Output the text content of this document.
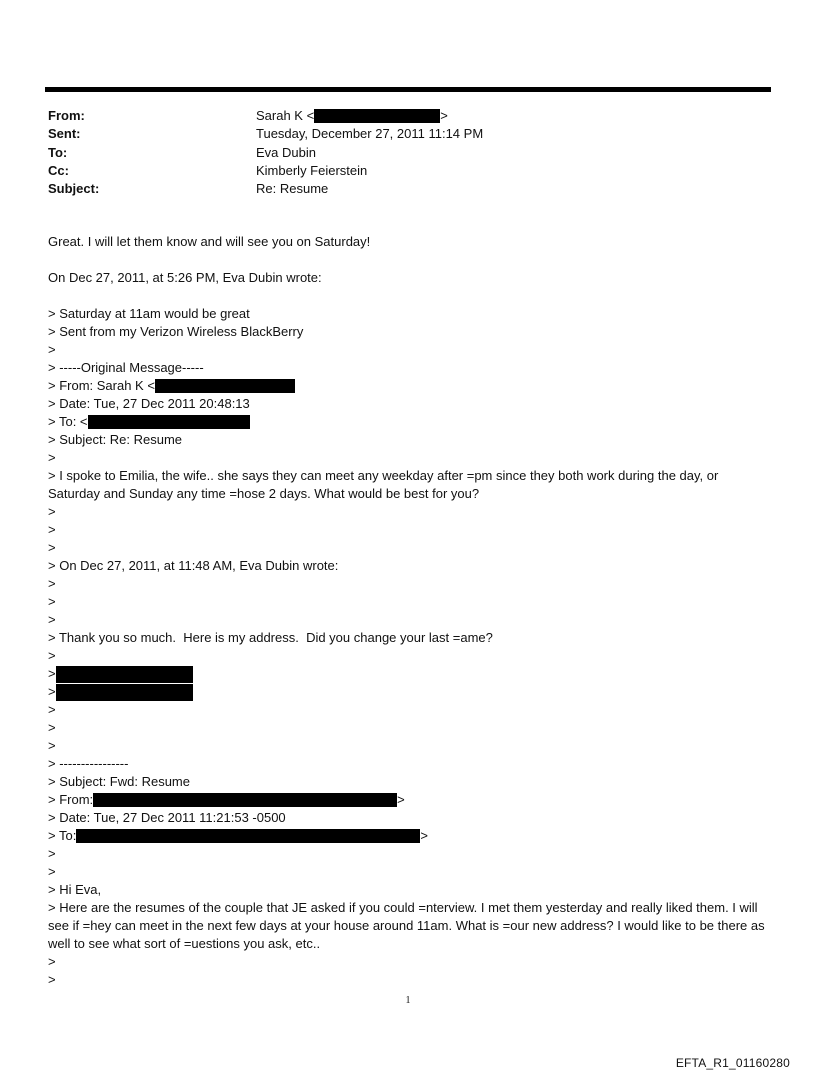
From:	Sarah K <	>
Sent:	Tuesday, December 27, 2011 11:14 PM
To:	Eva Dubin
Cc:	Kimberly Feierstein
Subject:	Re: Resume
Great. I will let them know and will see you on Saturday!
On Dec 27, 2011, at 5:26 PM, Eva Dubin wrote:
> Saturday at 11am would be great
> Sent from my Verizon Wireless BlackBerry
>
> -----Original Message-----
> From: Sarah K <
> Date: Tue, 27 Dec 2011 20:48:13
> To: <
> Subject: Re: Resume
>
> I spoke to Emilia, the wife.. she says they can meet any weekday after =pm since they both work during the day, or Saturday and Sunday any time =hose 2 days. What would be best for you?
>
>
>
> On Dec 27, 2011, at 11:48 AM, Eva Dubin wrote:
>
>
>
> Thank you so much.  Here is my address.  Did you change your last =ame?
>
>
>
>
>
>
> ----------------
> Subject: Fwd: Resume
> From:	>
> Date: Tue, 27 Dec 2011 11:21:53 -0500
> To:	>
>
>
> Hi Eva,
> Here are the resumes of the couple that JE asked if you could =nterview. I met them yesterday and really liked them. I will see if =hey can meet in the next few days at your house around 11am. What is =our new address? I would like to be there as well to see what sort of =uestions you ask, etc..
>
>
1
EFTA_R1_01160280
